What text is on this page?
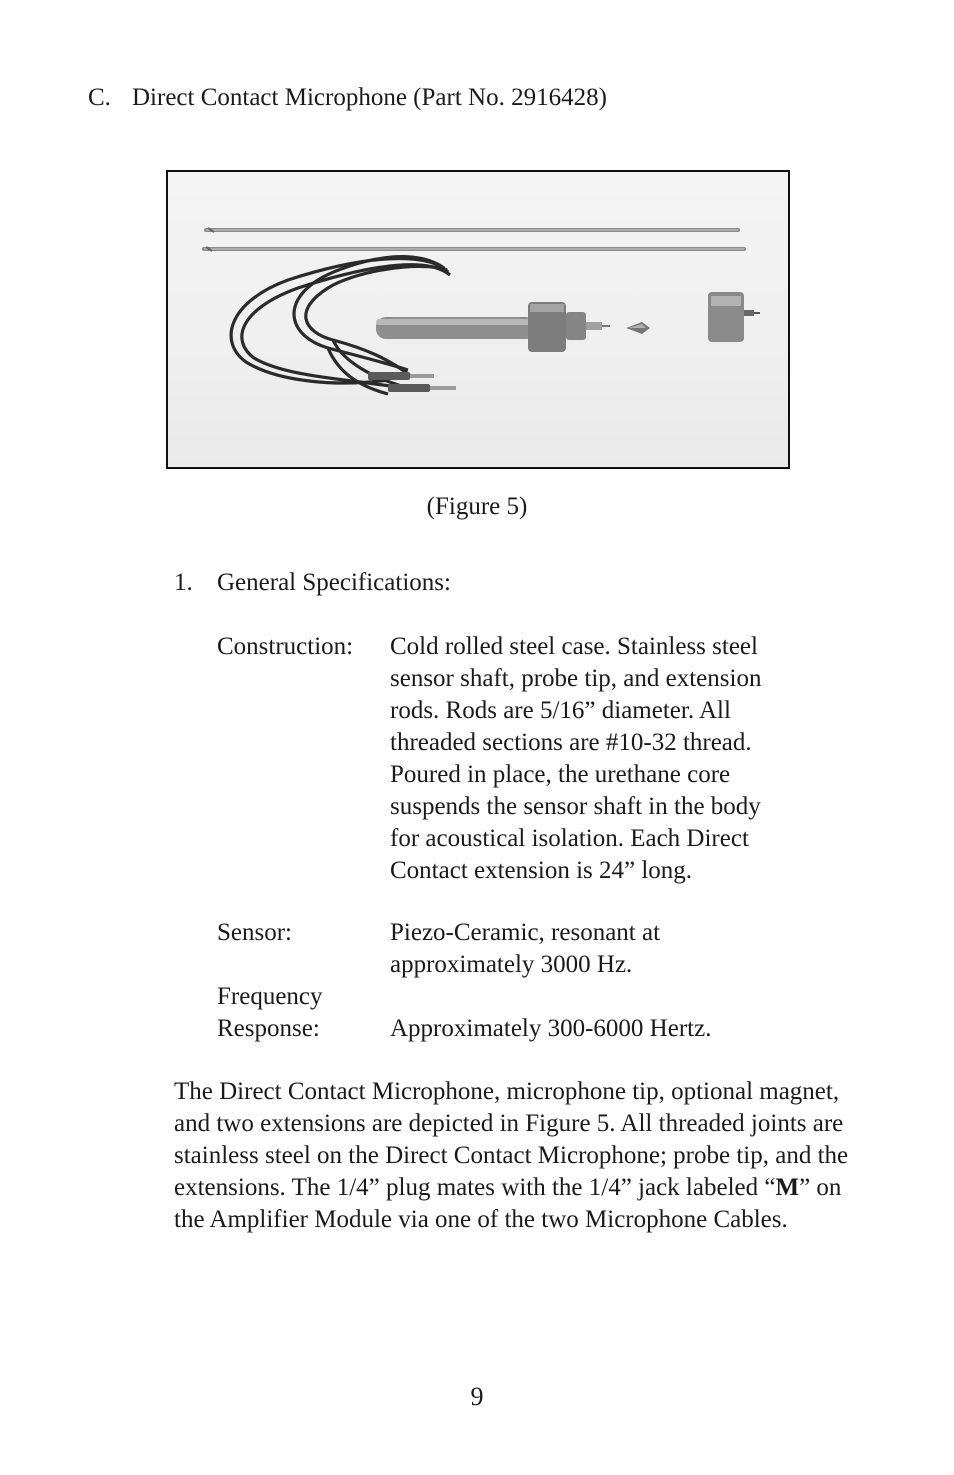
C. Direct Contact Microphone (Part No. 2916428)
(Figure 5)
1. General Specifications:
Construction: Cold rolled steel case. Stainless steel
sensor shaft, probe tip, and extension
rods. Rods are 5/16” diameter. All
threaded sections are #10-32 thread.
Poured in place, the urethane core
suspends the sensor shaft in the body
for acoustical isolation. Each Direct
Contact extension is 24” long.
Sensor:	Piezo-Ceramic, resonant at
approximately 3000 Hz.
Frequency
Response:	Approximately 300-6000 Hertz.
The Direct Contact Microphone, microphone tip, optional magnet,
and two extensions are depicted in Figure 5. All threaded joints are
stainless steel on the Direct Contact Microphone; probe tip, and the
extensions. The 1/4” plug mates with the 1/4” jack labeled “M” on
the Amplifier Module via one of the two Microphone Cables.
9
